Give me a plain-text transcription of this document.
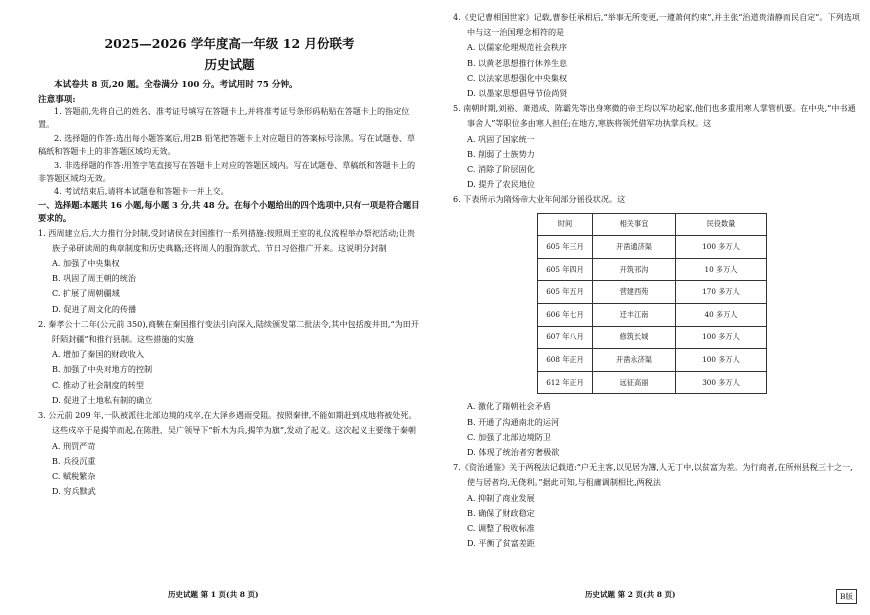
2025—2026 学年度高一年级 12 月份联考
历史试题
本试卷共 8 页,20 题。全卷满分 100 分。考试用时 75 分钟。
注意事项:

1. 答题前,先将自己的姓名、准考证号填写在答题卡上,并将准考证号条形码粘贴在答题卡上的指定位置。

2. 选择题的作答:选出每小题答案后,用2B 铅笔把答题卡上对应题目的答案标号涂黑。写在试题卷、草稿纸和答题卡上的非答题区域均无效。

3. 非选择题的作答:用签字笔直接写在答题卡上对应的答题区域内。写在试题卷、草稿纸和答题卡上的非答题区域均无效。

4. 考试结束后,请将本试题卷和答题卡一并上交。

一、选择题:本题共 16 小题,每小题 3 分,共 48 分。在每个小题给出的四个选项中,只有一项是符合题目要求的。

1. 西周建立后,大力推行分封制,受封诸侯在封国推行一系列措施:按照周王室的礼仪流程举办祭祀活动;让贵族子弟研读周的典章制度和历史典籍;还将周人的服饰款式、节日习俗推广开来。这说明分封制

A. 加强了中央集权
B. 巩固了周王朝的统治
C. 扩展了周朝疆域
D. 促进了周文化的传播

2. 秦孝公十二年(公元前 350),商鞅在秦国推行变法引向深入,陆续颁发第二批法令,其中包括废井田,“为田开阡陌封疆”和推行县制。这些措施的实施

A. 增加了秦国的财政收入
B. 加强了中央对地方的控制
C. 推动了社会制度的转型
D. 促进了土地私有制的确立

3. 公元前 209 年,一队被派往北部边境的戍卒,在大泽乡遇雨受阻。按照秦律,不能如期赶到戍地将被处死。这些戍卒于是揭竿而起,在陈胜、吴广领导下“斩木为兵,揭竿为旗”,发动了起义。这次起义主要缘于秦朝

A. 刑罚严苛
B. 兵役沉重
C. 赋税繁杂
D. 穷兵黩武

4.《史记曹相国世家》记载,曹参任承相后,“举事无所变更,一遵萧何约束”,并主张“治道贵清静而民自定”。下列选项中与这一治国理念相符的是

A. 以儒家伦理规范社会秩序
B. 以黄老思想推行休养生息
C. 以法家思想强化中央集权
D. 以墨家思想倡导节俭尚贤

5. 南朝时期,刘裕、萧道成、陈霸先等出身寒微的帝王均以军功起家,他们也多重用寒人掌管机要。在中央,“中书通事舍人”等职位多由寒人担任;在地方,寒族将领凭借军功执掌兵权。这

A. 巩固了国家统一
B. 削弱了士族势力
C. 消除了阶层固化
D. 提升了农民地位

6. 下表所示为隋炀帝大业年间部分徭役状况。这

时间	相关事宜	民役数量
605 年三月	开凿通济渠	100 多万人
605 年四月	开筑邗沟	10 多万人
605 年五月	营建西苑	170 多万人
606 年七月	迁丰江南	40 多万人
607 年八月	修筑长城	100 多万人
608 年正月	开凿永济渠	100 多万人
612 年正月	远征高丽	300 多万人
A. 激化了隋朝社会矛盾
B. 开通了沟通南北的运河
C. 加强了北部边境防卫
D. 体现了统治者穷奢极欲

7.《资治通鉴》关于两税法记载道:“户无主客,以见居为簿,人无丁中,以贫富为差。为行商者,在所州县税三十之一,使与居者均,无侥利。”据此可知,与租庸调制相比,两税法

A. 抑制了商业发展
B. 确保了财政稳定
C. 调整了税收标准
D. 平衡了贫富差距
历史试题 第 1 页(共 8 页)	历史试题 第 2 页(共 8 页)	B版
